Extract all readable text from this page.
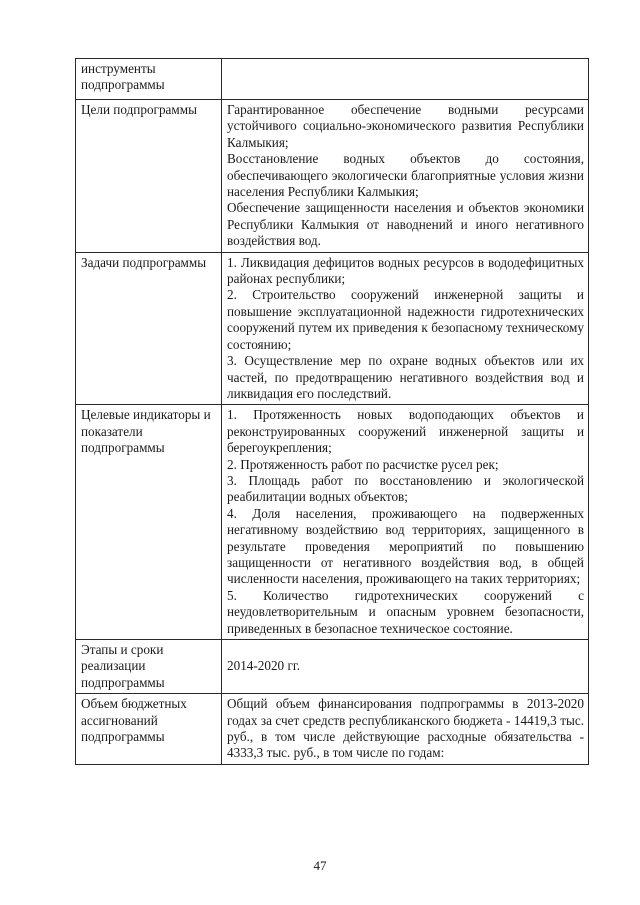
инструменты подпрограммы	
Цели подпрограммы	Гарантированное обеспечение водными ресурсами устойчивого социально-экономического развития Республики Калмыкия;
Восстановление водных объектов до состояния, обеспечивающего экологически благоприятные условия жизни населения Республики Калмыкия;
Обеспечение защищенности населения и объектов экономики Республики Калмыкия от наводнений и иного негативного воздействия вод.

Задачи подпрограммы	1. Ликвидация дефицитов водных ресурсов в вододефицитных районах республики;
2. Строительство сооружений инженерной защиты и повышение эксплуатационной надежности гидротехнических сооружений путем их приведения к безопасному техническому состоянию;
3. Осуществление мер по охране водных объектов или их частей, по предотвращению негативного воздействия вод и ликвидация его последствий.

Целевые индикаторы и показатели подпрограммы	1. Протяженность новых водоподающих объектов и реконструированных сооружений инженерной защиты и берегоукрепления;
2. Протяженность работ по расчистке русел рек;
3. Площадь работ по восстановлению и экологической реабилитации водных объектов;
4. Доля населения, проживающего на подверженных негативному воздействию вод территориях, защищенного в результате проведения мероприятий по повышению защищенности от негативного воздействия вод, в общей численности населения, проживающего на таких территориях;
5. Количество гидротехнических сооружений с неудовлетворительным и опасным уровнем безопасности, приведенных в безопасное техническое состояние.

Этапы и сроки реализации подпрограммы	2014-2020 гг.
Объем бюджетных ассигнований подпрограммы	Общий объем финансирования подпрограммы в 2013-2020 годах за счет средств республиканского бюджета - 14419,3 тыс. руб., в том числе действующие расходные обязательства - 4333,3 тыс. руб., в том числе по годам:
47
